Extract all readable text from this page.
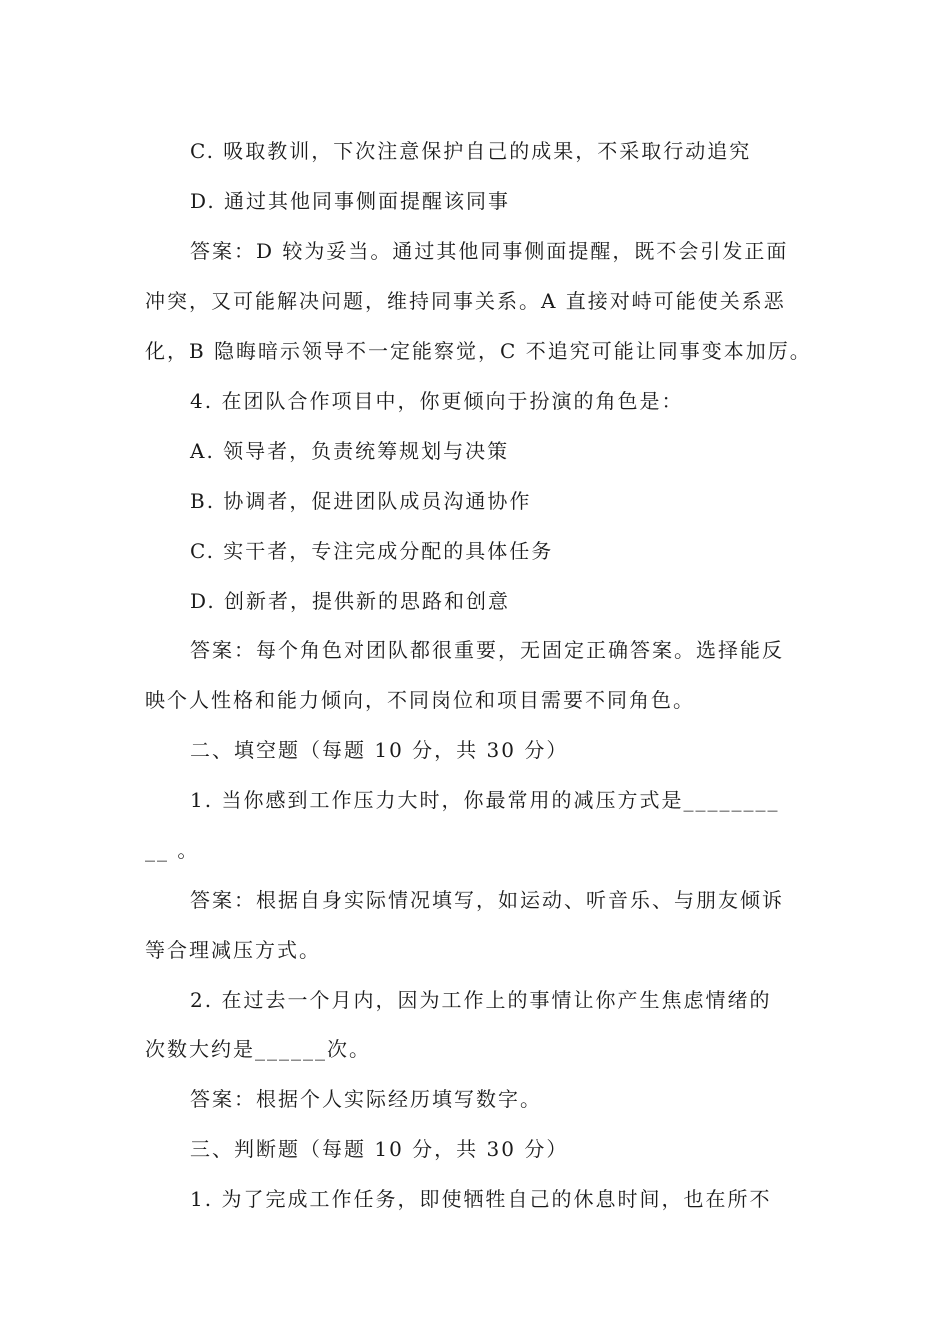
C. 吸取教训，下次注意保护自己的成果，不采取行动追究

D. 通过其他同事侧面提醒该同事

答案：D 较为妥当。通过其他同事侧面提醒，既不会引发正面

冲突，又可能解决问题，维持同事关系。A 直接对峙可能使关系恶

化，B 隐晦暗示领导不一定能察觉，C 不追究可能让同事变本加厉。

4. 在团队合作项目中，你更倾向于扮演的角色是：

A. 领导者，负责统筹规划与决策

B. 协调者，促进团队成员沟通协作

C. 实干者，专注完成分配的具体任务

D. 创新者，提供新的思路和创意

答案：每个角色对团队都很重要，无固定正确答案。选择能反

映个人性格和能力倾向，不同岗位和项目需要不同角色。

二、填空题（每题 10 分，共 30 分）

1. 当你感到工作压力大时，你最常用的减压方式是________

__ 。

答案：根据自身实际情况填写，如运动、听音乐、与朋友倾诉

等合理减压方式。

2. 在过去一个月内，因为工作上的事情让你产生焦虑情绪的

次数大约是______次。

答案：根据个人实际经历填写数字。

三、判断题（每题 10 分，共 30 分）

1. 为了完成工作任务，即使牺牲自己的休息时间，也在所不
